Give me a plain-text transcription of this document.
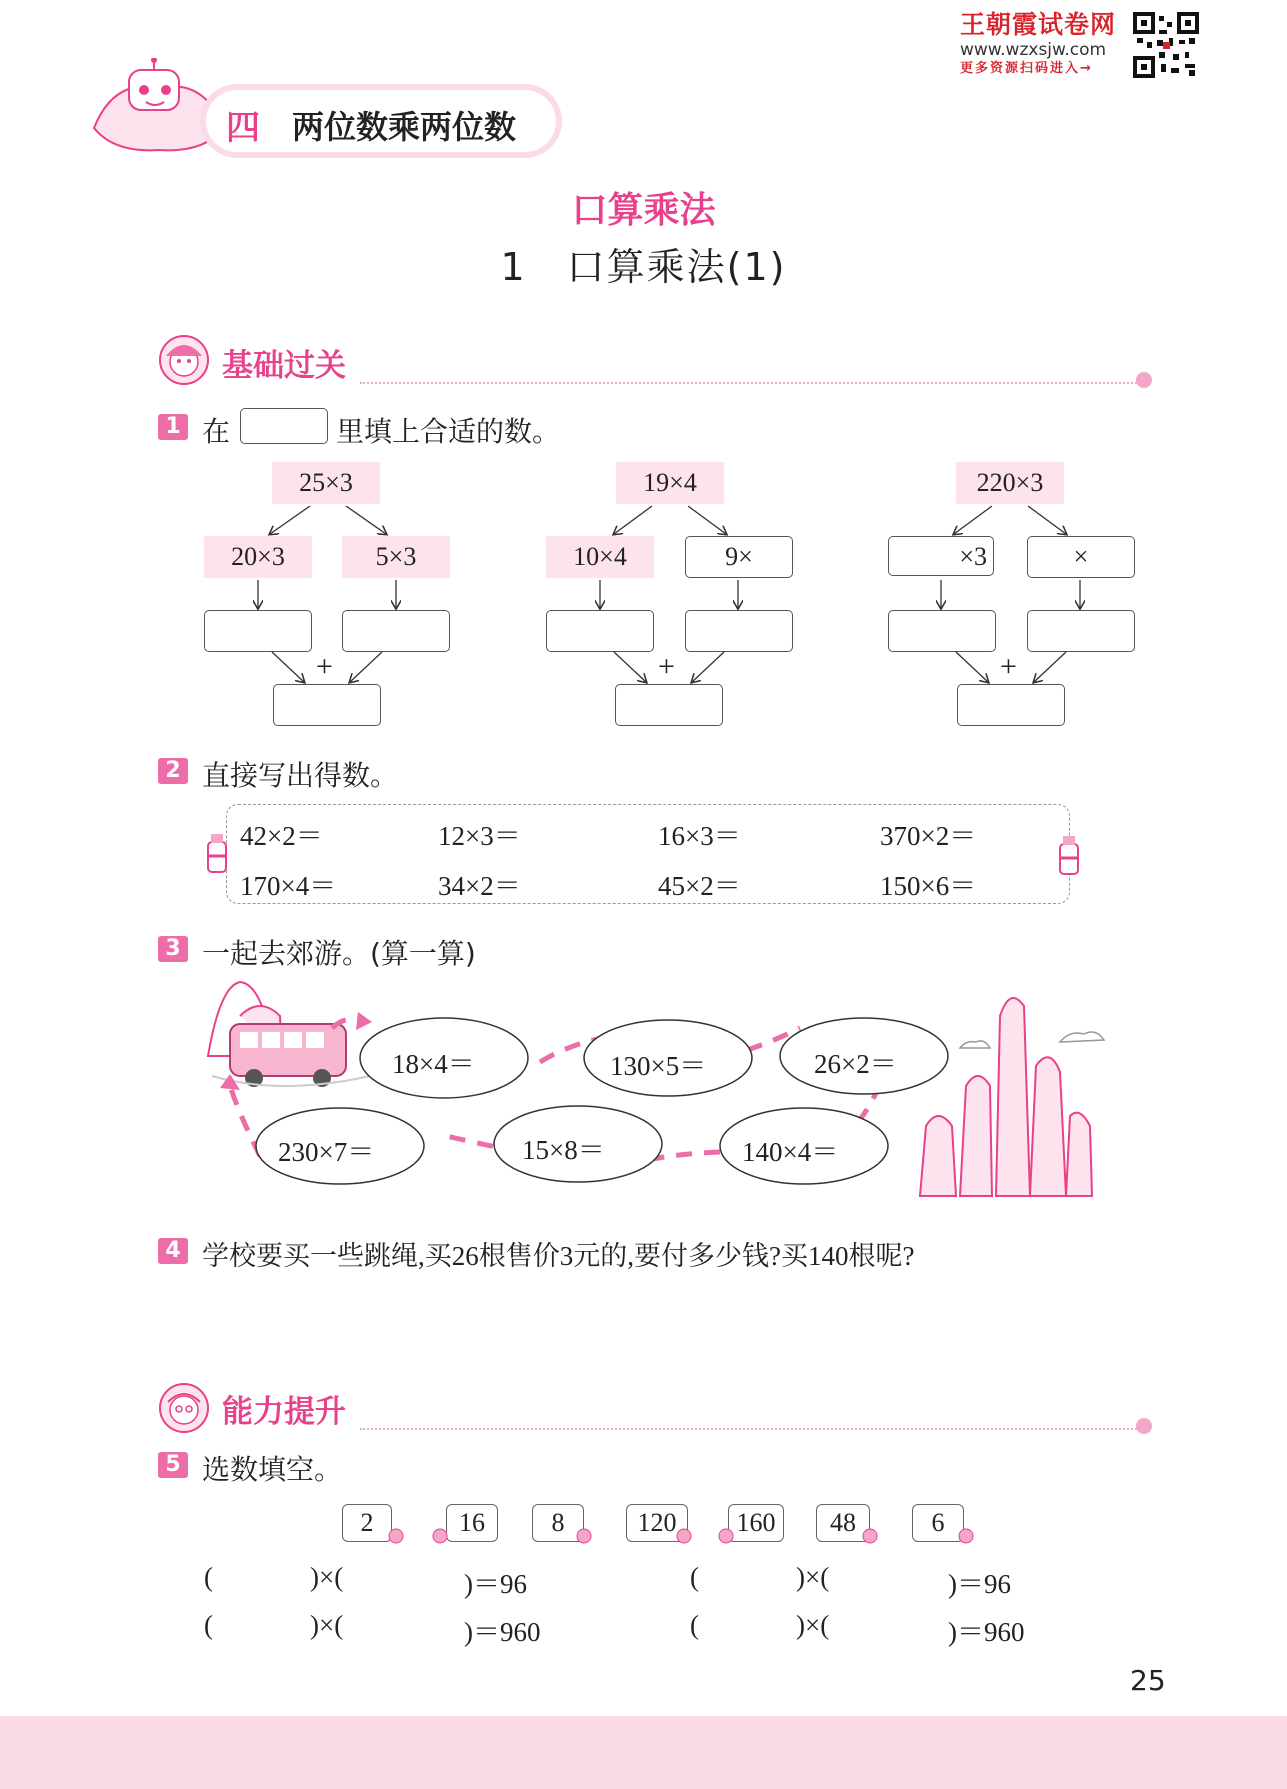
王朝霞试卷网
www.wzxsjw.com
更多资源扫码进入→
四 两位数乘两位数
口算乘法
1　口算乘法(1)
基础过关
1 在	里填上合适的数。
25×3
20×3	5×3
19×4
10×4	9×
220×3
×3	×
+	+	+
2 直接写出得数。
42×2＝	12×3＝	16×3＝	370×2＝
170×4＝	34×2＝	45×2＝	150×6＝
3 一起去郊游。(算一算)
18×4＝	130×5＝	26×2＝
230×7＝	15×8＝	140×4＝
4 学校要买一些跳绳,买26根售价3元的,要付多少钱?买140根呢?
能力提升
5 选数填空。
2	16	8	120	160	48	6
(	)×(	)＝96	(	)×(	)＝96
(	)×(	)＝960	(	)×(	)＝960
25
